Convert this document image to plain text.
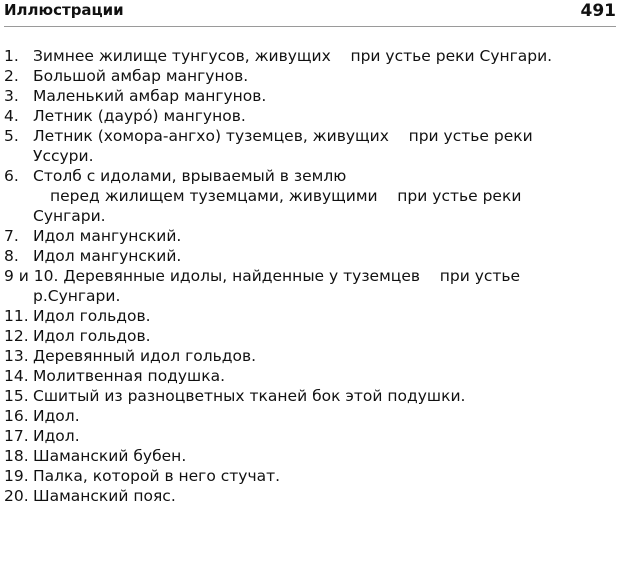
Иллюстрации	491

1.

Зимнее жилище тунгусов, живущих    при устье реки Сунгари.

2.

Большой амбар мангунов.

3.

Маленький амбар мангунов.

4.

Летник (дауро́) мангунов.

5.

Летник (хомора-ангхо) туземцев, живущих    при устье реки

Уссури.

6.

Столб с идолами, врываемый в землю

перед жилищем туземцами, живущими    при устье реки

Сунгари.

7.

Идол мангунский.

8.

Идол мангунский.

9 и 10. Деревянные идолы, найденные у туземцев    при устье

р.Сунгари.

11.

Идол гольдов.

12.

Идол гольдов.

13.

Деревянный идол гольдов.

14.

Молитвенная подушка.

15.

Сшитый из разноцветных тканей бок этой подушки.

16.

Идол.

17.

Идол.

18.

Шаманский бубен.

19.

Палка, которой в него стучат.

20.

Шаманский пояс.
